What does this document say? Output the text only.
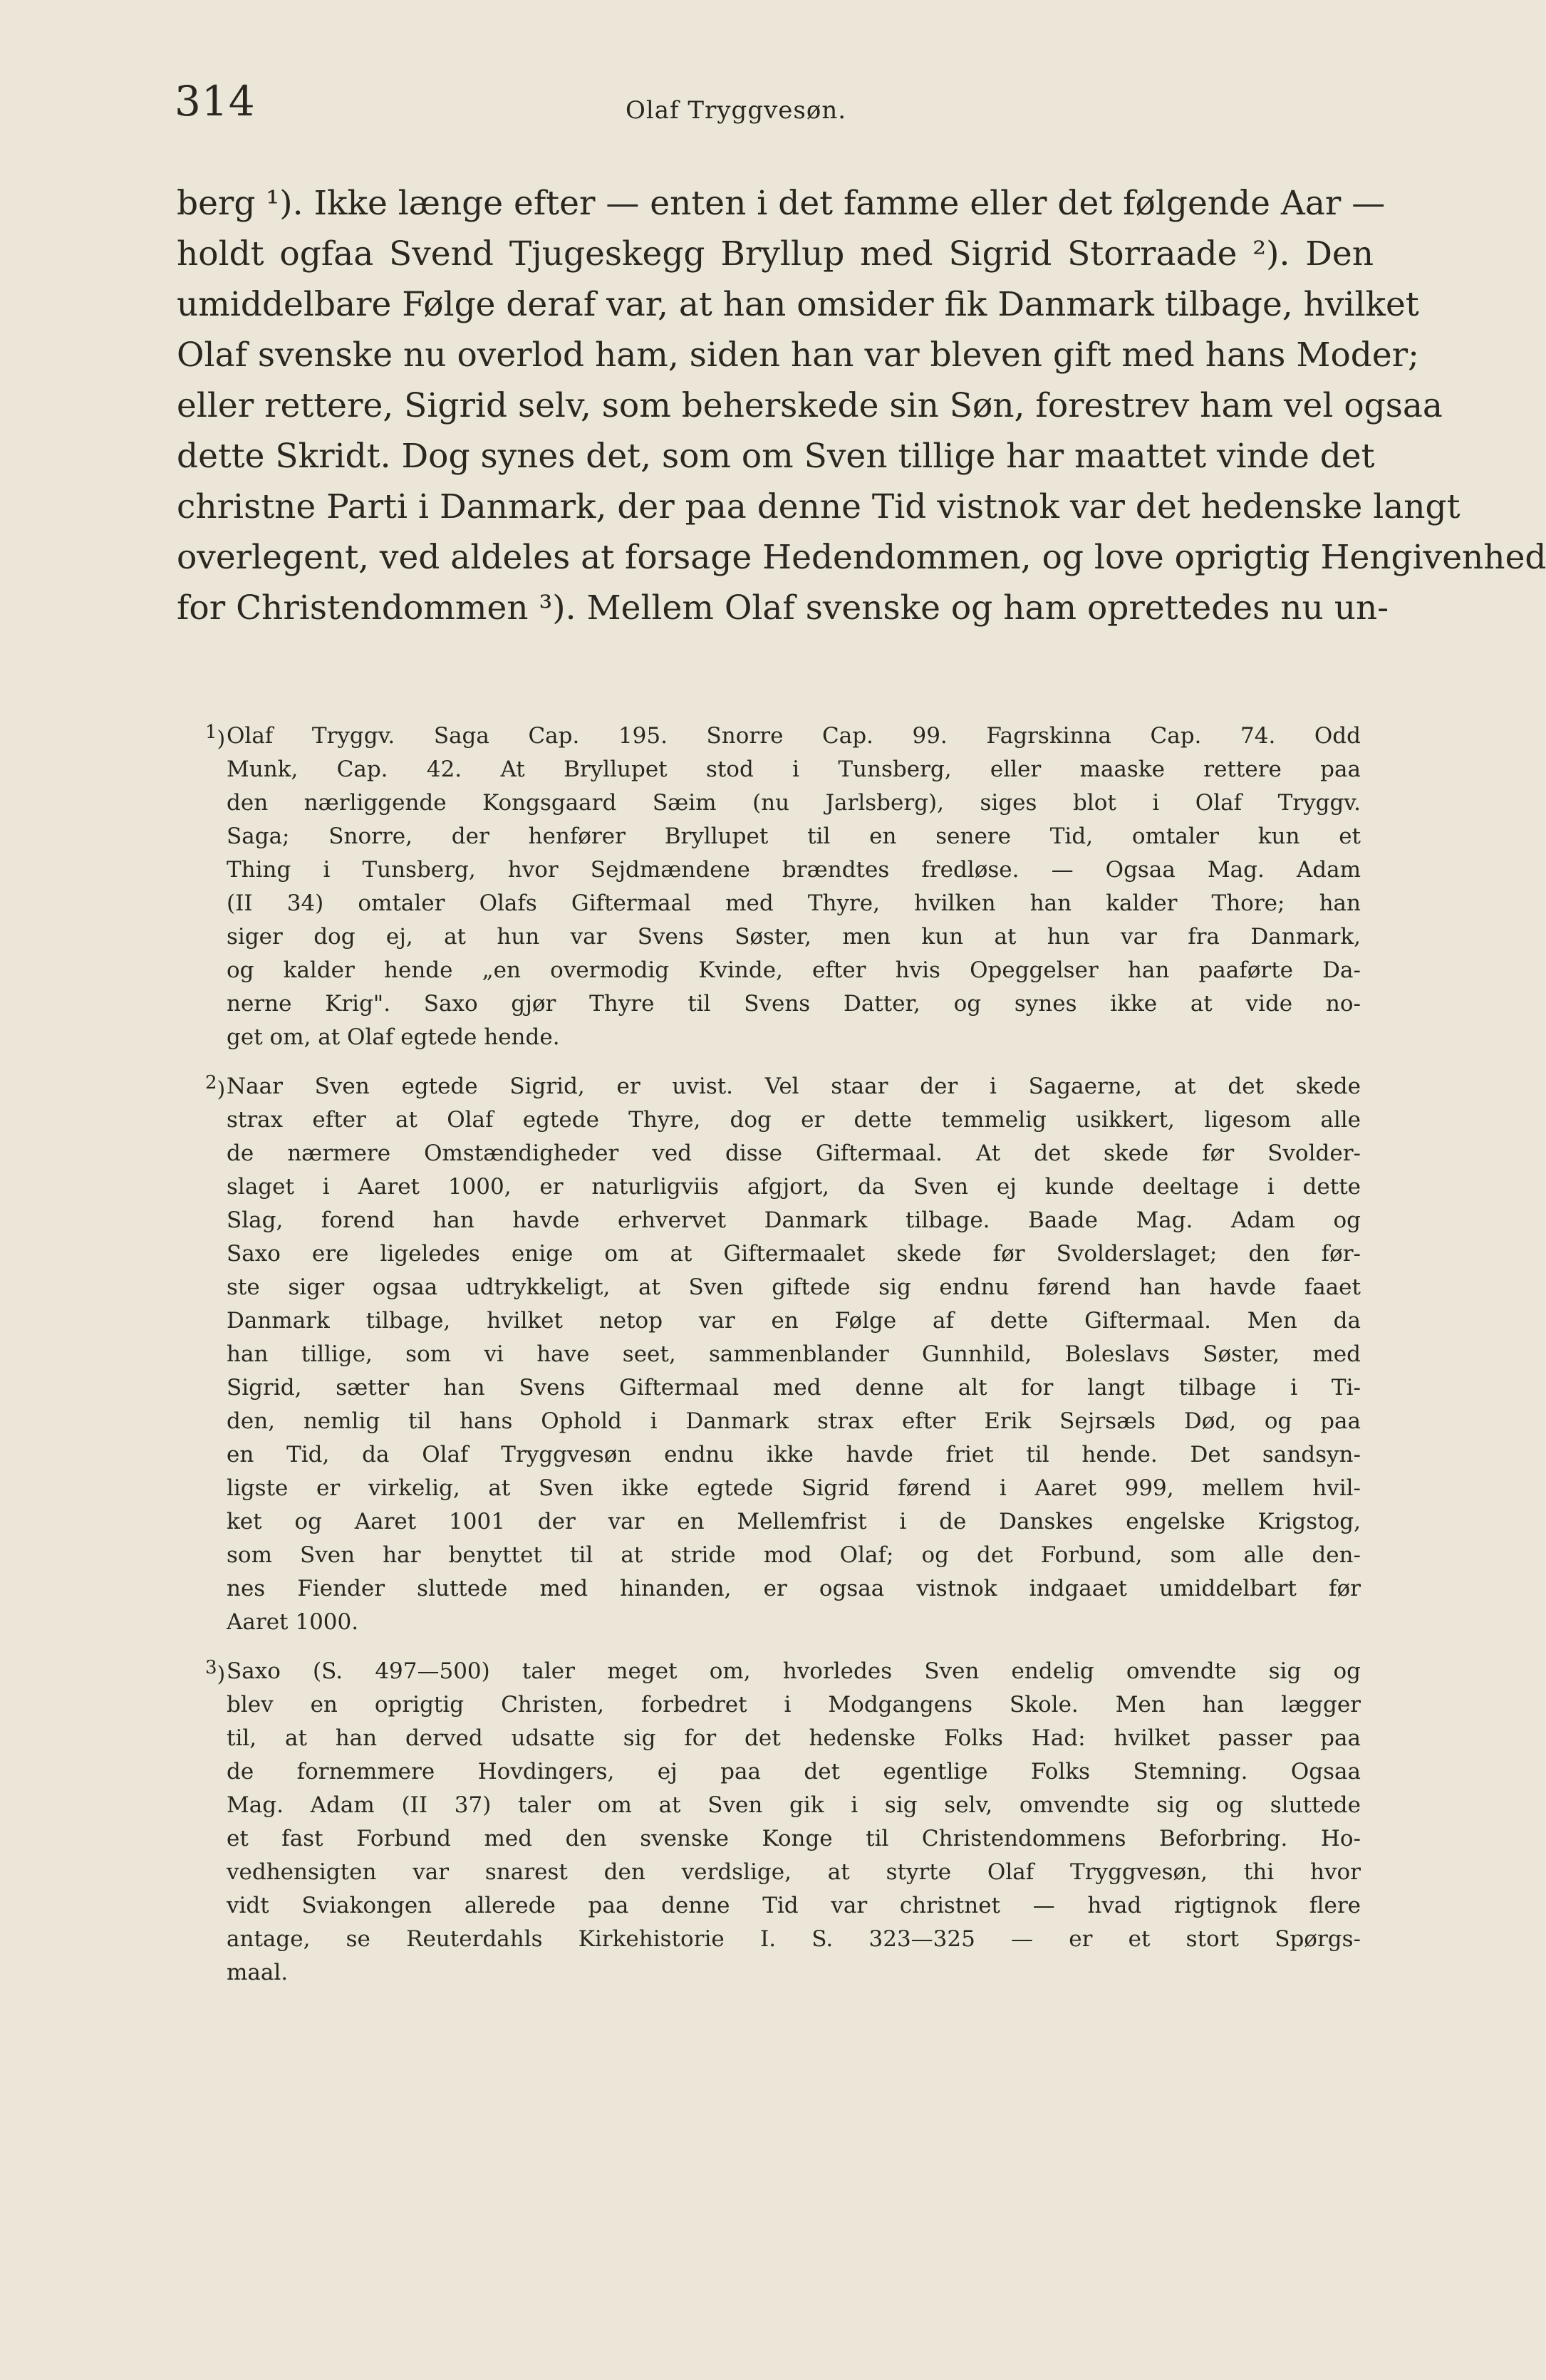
314	Olaf Tryggvesøn.
berg ¹). Ikke længe efter — enten i det famme eller det følgende Aar —
holdt ogfaa Svend Tjugeskegg Bryllup med Sigrid Storraade ²). Den
umiddelbare Følge deraf var, at han omsider fik Danmark tilbage, hvilket
Olaf svenske nu overlod ham, siden han var bleven gift med hans Moder;
eller rettere, Sigrid selv, som beherskede sin Søn, forestrev ham vel ogsaa
dette Skridt. Dog synes det, som om Sven tillige har maattet vinde det
christne Parti i Danmark, der paa denne Tid vistnok var det hedenske langt
overlegent, ved aldeles at forsage Hedendommen, og love oprigtig Hengivenhed
for Christendommen ³). Mellem Olaf svenske og ham oprettedes nu un-
$^1$) Olaf Tryggv. Saga Cap. 195. Snorre Cap. 99. Fagrskinna Cap. 74. Odd
Munk, Cap. 42. At Bryllupet stod i Tunsberg, eller maaske rettere paa
den nærliggende Kongsgaard Sæim (nu Jarlsberg), siges blot i Olaf Tryggv.
Saga; Snorre, der henfører Bryllupet til en senere Tid, omtaler kun et
Thing i Tunsberg, hvor Sejdmændene brændtes fredløse. — Ogsaa Mag. Adam
(II 34) omtaler Olafs Giftermaal med Thyre, hvilken han kalder Thore; han
siger dog ej, at hun var Svens Søster, men kun at hun var fra Danmark,
og kalder hende „en overmodig Kvinde, efter hvis Opeggelser han paaførte Da-
nerne Krig". Saxo gjør Thyre til Svens Datter, og synes ikke at vide no-
get om, at Olaf egtede hende.
$^2$) Naar Sven egtede Sigrid, er uvist. Vel staar der i Sagaerne, at det skede
strax efter at Olaf egtede Thyre, dog er dette temmelig usikkert, ligesom alle
de nærmere Omstændigheder ved disse Giftermaal. At det skede før Svolder-
slaget i Aaret 1000, er naturligviis afgjort, da Sven ej kunde deeltage i dette
Slag, forend han havde erhvervet Danmark tilbage. Baade Mag. Adam og
Saxo ere ligeledes enige om at Giftermaalet skede før Svolderslaget; den før-
ste siger ogsaa udtrykkeligt, at Sven giftede sig endnu førend han havde faaet
Danmark tilbage, hvilket netop var en Følge af dette Giftermaal. Men da
han tillige, som vi have seet, sammenblander Gunnhild, Boleslavs Søster, med
Sigrid, sætter han Svens Giftermaal med denne alt for langt tilbage i Ti-
den, nemlig til hans Ophold i Danmark strax efter Erik Sejrsæls Død, og paa
en Tid, da Olaf Tryggvesøn endnu ikke havde friet til hende. Det sandsyn-
ligste er virkelig, at Sven ikke egtede Sigrid førend i Aaret 999, mellem hvil-
ket og Aaret 1001 der var en Mellemfrist i de Danskes engelske Krigstog,
som Sven har benyttet til at stride mod Olaf; og det Forbund, som alle den-
nes Fiender sluttede med hinanden, er ogsaa vistnok indgaaet umiddelbart før
Aaret 1000.
$^3$) Saxo (S. 497—500) taler meget om, hvorledes Sven endelig omvendte sig og
blev en oprigtig Christen, forbedret i Modgangens Skole. Men han lægger
til, at han derved udsatte sig for det hedenske Folks Had: hvilket passer paa
de fornemmere Hovdingers, ej paa det egentlige Folks Stemning. Ogsaa
Mag. Adam (II 37) taler om at Sven gik i sig selv, omvendte sig og sluttede
et fast Forbund med den svenske Konge til Christendommens Beforbring. Ho-
vedhensigten var snarest den verdslige, at styrte Olaf Tryggvesøn, thi hvor
vidt Sviakongen allerede paa denne Tid var christnet — hvad rigtignok flere
antage, se Reuterdahls Kirkehistorie I. S. 323—325 — er et stort Spørgs-
maal.
